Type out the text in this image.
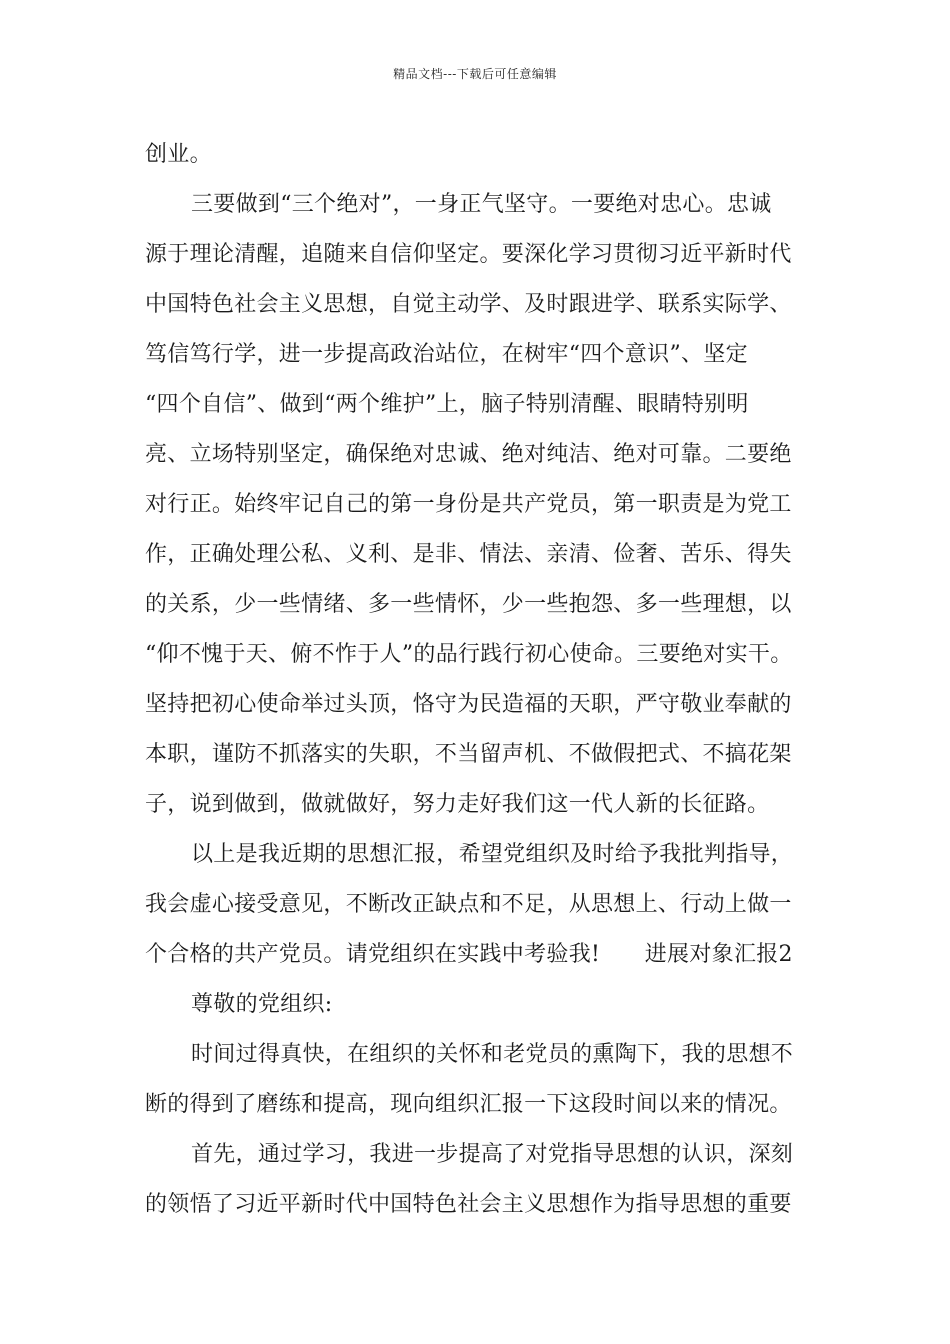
精品文档---下载后可任意编辑
创业。
三要做到“三个绝对”，一身正气坚守。一要绝对忠心。忠诚
源于理论清醒，追随来自信仰坚定。要深化学习贯彻习近平新时代
中国特色社会主义思想，自觉主动学、及时跟进学、联系实际学、
笃信笃行学，进一步提高政治站位，在树牢“四个意识”、坚定
“四个自信”、做到“两个维护”上，脑子特别清醒、眼睛特别明
亮、立场特别坚定，确保绝对忠诚、绝对纯洁、绝对可靠。二要绝
对行正。始终牢记自己的第一身份是共产党员，第一职责是为党工
作，正确处理公私、义利、是非、情法、亲清、俭奢、苦乐、得失
的关系，少一些情绪、多一些情怀，少一些抱怨、多一些理想，以
“仰不愧于天、俯不怍于人”的品行践行初心使命。三要绝对实干。
坚持把初心使命举过头顶，恪守为民造福的天职，严守敬业奉献的
本职，谨防不抓落实的失职，不当留声机、不做假把式、不搞花架
子，说到做到，做就做好，努力走好我们这一代人新的长征路。
以上是我近期的思想汇报，希望党组织及时给予我批判指导，
我会虚心接受意见，不断改正缺点和不足，从思想上、行动上做一
个合格的共产党员。请党组织在实践中考验我!　　进展对象汇报2
尊敬的党组织:
时间过得真快，在组织的关怀和老党员的熏陶下，我的思想不
断的得到了磨练和提高，现向组织汇报一下这段时间以来的情况。
首先，通过学习，我进一步提高了对党指导思想的认识，深刻
的领悟了习近平新时代中国特色社会主义思想作为指导思想的重要
